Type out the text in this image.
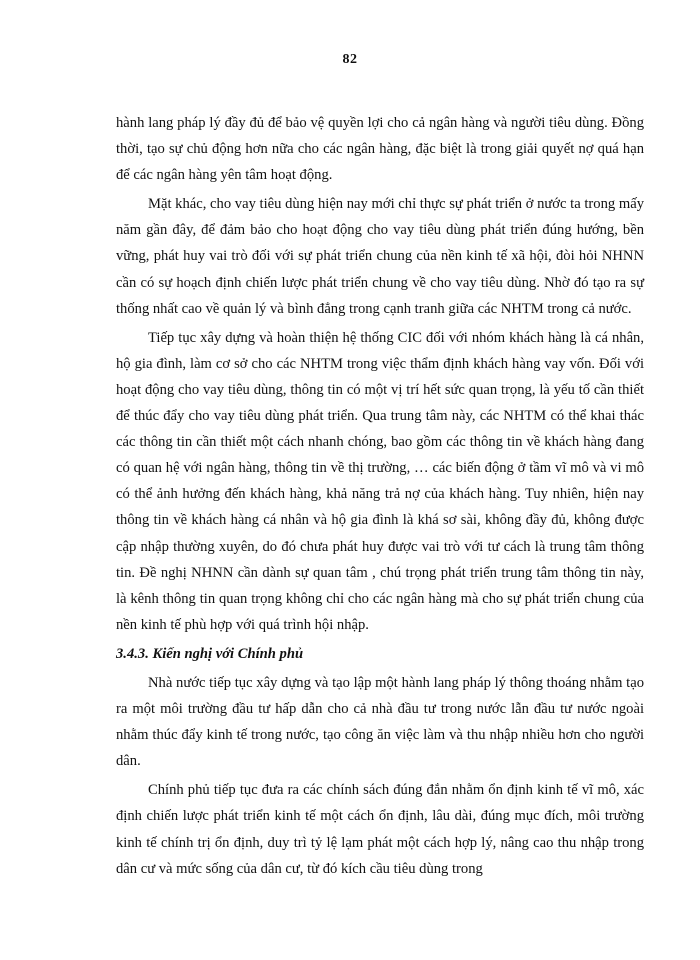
82

hành lang pháp lý đầy đủ để bảo vệ quyền lợi cho cả ngân hàng và người tiêu dùng. Đồng thời, tạo sự chủ động hơn nữa cho các ngân hàng, đặc biệt là trong giải quyết nợ quá hạn để các ngân hàng yên tâm hoạt động.

Mặt khác, cho vay tiêu dùng hiện nay mới chỉ thực sự phát triển ở nước ta trong mấy năm gần đây, để đảm bảo cho hoạt động cho vay tiêu dùng phát triển đúng hướng, bền vững, phát huy vai trò đối với sự phát triển chung của nền kinh tế xã hội, đòi hỏi NHNN cần có sự hoạch định chiến lược phát triển chung về cho vay tiêu dùng. Nhờ đó tạo ra sự thống nhất cao về quản lý và bình đẳng trong cạnh tranh giữa các NHTM trong cả nước.

Tiếp tục xây dựng và hoàn thiện hệ thống CIC đối với nhóm khách hàng là cá nhân, hộ gia đình, làm cơ sở cho các NHTM trong việc thẩm định khách hàng vay vốn. Đối với hoạt động cho vay tiêu dùng, thông tin có một vị trí hết sức quan trọng, là yếu tố cần thiết để thúc đẩy cho vay tiêu dùng phát triển. Qua trung tâm này, các NHTM có thể khai thác các thông tin cần thiết một cách nhanh chóng, bao gồm các thông tin về khách hàng đang có quan hệ với ngân hàng, thông tin về thị trường, … các biến động ở tầm vĩ mô và vi mô có thể ảnh hưởng đến khách hàng, khả năng trả nợ của khách hàng. Tuy nhiên, hiện nay thông tin về khách hàng cá nhân và hộ gia đình là khá sơ sài, không đầy đủ, không được cập nhập thường xuyên, do đó chưa phát huy được vai trò với tư cách là trung tâm thông tin. Đề nghị NHNN cần dành sự quan tâm , chú trọng phát triển trung tâm thông tin này, là kênh thông tin quan trọng không chỉ cho các ngân hàng mà cho sự phát triển chung của nền kinh tế phù hợp với quá trình hội nhập.

3.4.3. Kiến nghị với Chính phủ

Nhà nước tiếp tục xây dựng và tạo lập một hành lang pháp lý thông thoáng nhằm tạo ra một môi trường đầu tư hấp dẫn cho cả nhà đầu tư trong nước lẫn đầu tư nước ngoài nhằm thúc đẩy kinh tế trong nước, tạo công ăn việc làm và thu nhập nhiều hơn cho người dân.

Chính phủ tiếp tục đưa ra các chính sách đúng đắn nhằm ổn định kinh tế vĩ mô, xác định chiến lược phát triển kinh tế một cách ổn định, lâu dài, đúng mục đích, môi trường kinh tế chính trị ổn định, duy trì tỷ lệ lạm phát một cách hợp lý, nâng cao thu nhập trong dân cư và mức sống của dân cư, từ đó kích cầu tiêu dùng trong
